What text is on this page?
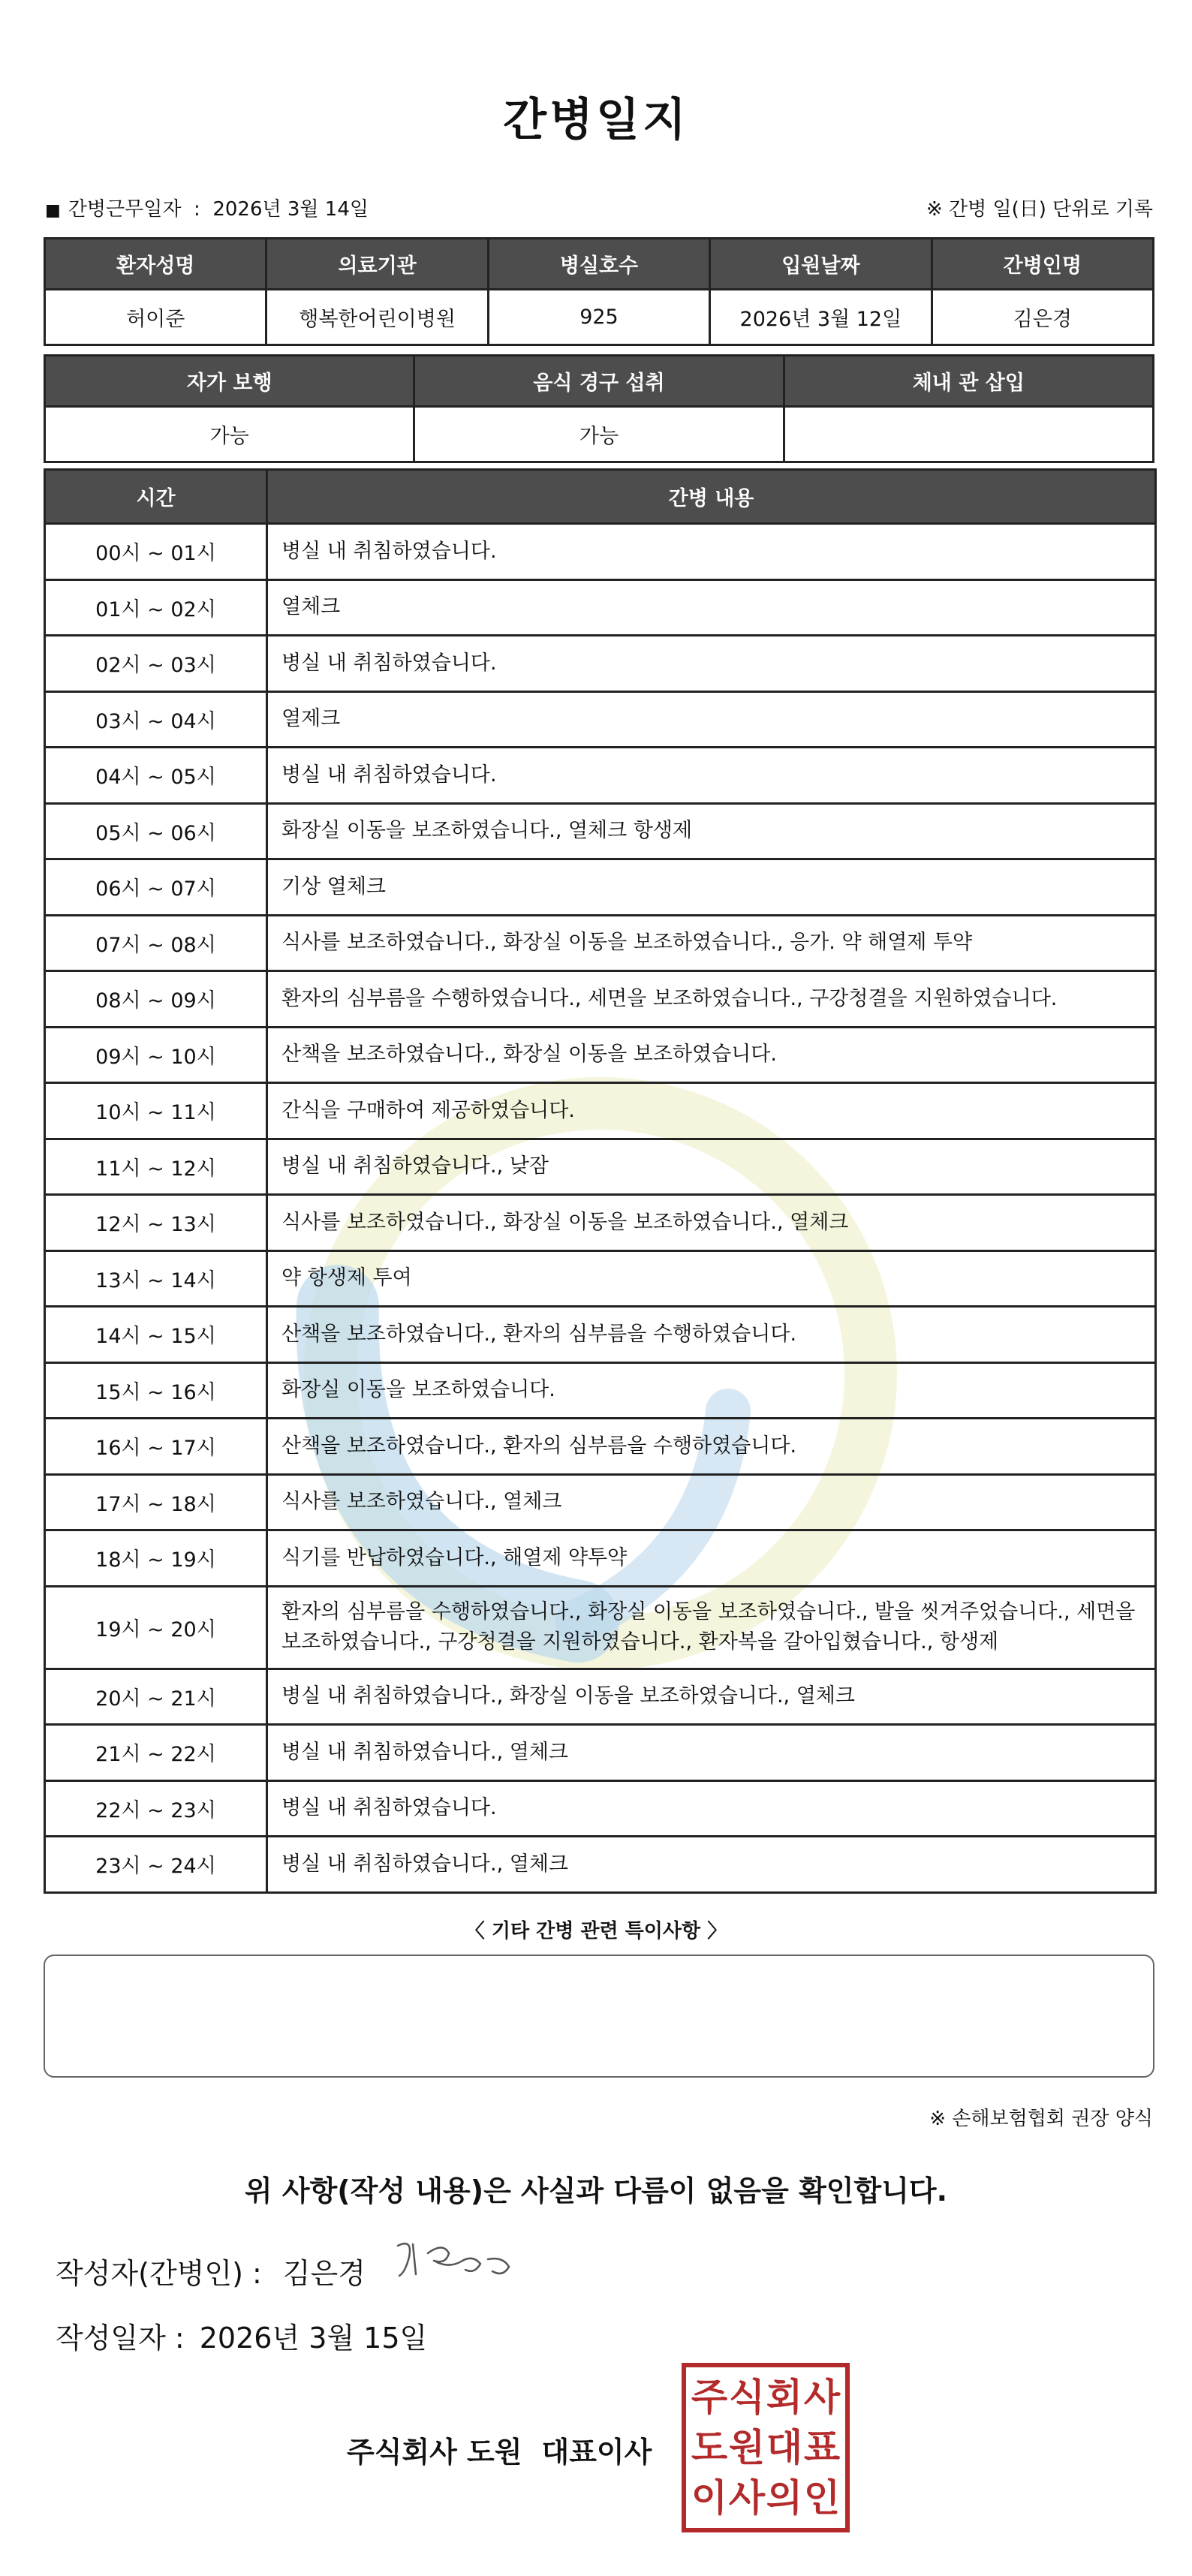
간병일지
■ 간병근무일자 : 2026년 3월 14일	※ 간병 일(日) 단위로 기록
환자성명	의료기관	병실호수	입원날짜	간병인명
허이준	행복한어린이병원	925	2026년 3월 12일	김은경
자가 보행	음식 경구 섭취	체내 관 삽입
가능	가능	
시간	간병 내용
00시 ~ 01시	병실 내 취침하였습니다.
01시 ~ 02시	열체크
02시 ~ 03시	병실 내 취침하였습니다.
03시 ~ 04시	열제크
04시 ~ 05시	병실 내 취침하였습니다.
05시 ~ 06시	화장실 이동을 보조하였습니다., 열체크 항생제
06시 ~ 07시	기상 열체크
07시 ~ 08시	식사를 보조하였습니다., 화장실 이동을 보조하였습니다., 응가. 약 해열제 투약
08시 ~ 09시	환자의 심부름을 수행하였습니다., 세면을 보조하였습니다., 구강청결을 지원하였습니다.
09시 ~ 10시	산책을 보조하였습니다., 화장실 이동을 보조하였습니다.
10시 ~ 11시	간식을 구매하여 제공하였습니다.
11시 ~ 12시	병실 내 취침하였습니다., 낮잠
12시 ~ 13시	식사를 보조하였습니다., 화장실 이동을 보조하였습니다., 열체크
13시 ~ 14시	약 항생제 투여
14시 ~ 15시	산책을 보조하였습니다., 환자의 심부름을 수행하였습니다.
15시 ~ 16시	화장실 이동을 보조하였습니다.
16시 ~ 17시	산책을 보조하였습니다., 환자의 심부름을 수행하였습니다.
17시 ~ 18시	식사를 보조하였습니다., 열체크
18시 ~ 19시	식기를 반납하였습니다., 해열제 약투약
19시 ~ 20시	환자의 심부름을 수행하였습니다., 화장실 이동을 보조하였습니다., 발을 씻겨주었습니다., 세면을 보조하였습니다., 구강청결을 지원하였습니다., 환자복을 갈아입혔습니다., 항생제
20시 ~ 21시	병실 내 취침하였습니다., 화장실 이동을 보조하였습니다., 열체크
21시 ~ 22시	병실 내 취침하였습니다., 열체크
22시 ~ 23시	병실 내 취침하였습니다.
23시 ~ 24시	병실 내 취침하였습니다., 열체크
〈 기타 간병 관련 특이사항 〉
※ 손해보험협회 권장 양식
위 사항(작성 내용)은 사실과 다름이 없음을 확인합니다.
작성자(간병인) : 김은경
작성일자 : 2026년 3월 15일
주식회사 도원 대표이사
주 식 회 사
도 원 대 표
이 사 의 인
